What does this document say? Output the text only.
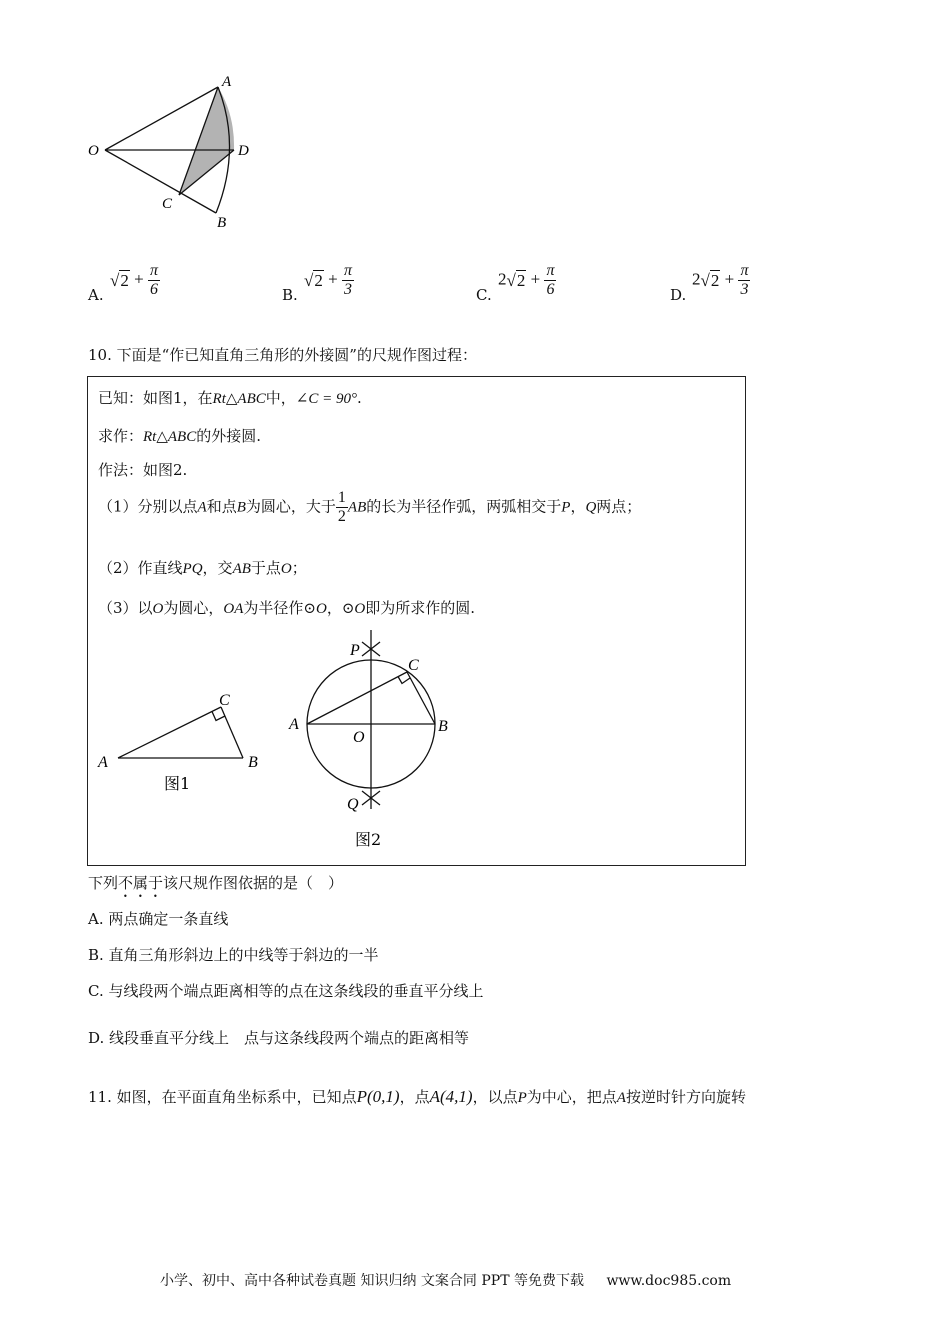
A
O	D
C
B
A.
$√2 + \frac{\pi}{6}$	B.
$√2 + \frac{\pi}{3}$	C.
$2√2 + \frac{\pi}{6}$	D.
$2√2 + \frac{\pi}{3}$
10. 下面是“作已知直角三角形的外接圆”的尺规作图过程：
已知：如图1，在Rt△ABC中，∠C = 90°.
求作：Rt△ABC的外接圆.
作法：如图2.
（1）分别以点A和点B为圆心，大于 $\frac{1}{2}$ AB的长为半径作弧，两弧相交于P，Q两点；
（2）作直线PQ，交AB于点O；
（3）以O为圆心，OA为半径作⊙O，⊙O即为所求作的圆.
A	B
C
图1
P
C
A
O
B
Q
图2
下列不属于该尺规作图依据的是（　）
A. 两点确定一条直线
B. 直角三角形斜边上的中线等于斜边的一半
C. 与线段两个端点距离相等的点在这条线段的垂直平分线上
D. 线段垂直平分线上　点与这条线段两个端点的距离相等
11. 如图，在平面直角坐标系中，已知点P(0,1)，点A(4,1)，以点P为中心，把点A按逆时针方向旋转
小学、初中、高中各种试卷真题 知识归纳 文案合同 PPT 等免费下载 www.doc985.com
